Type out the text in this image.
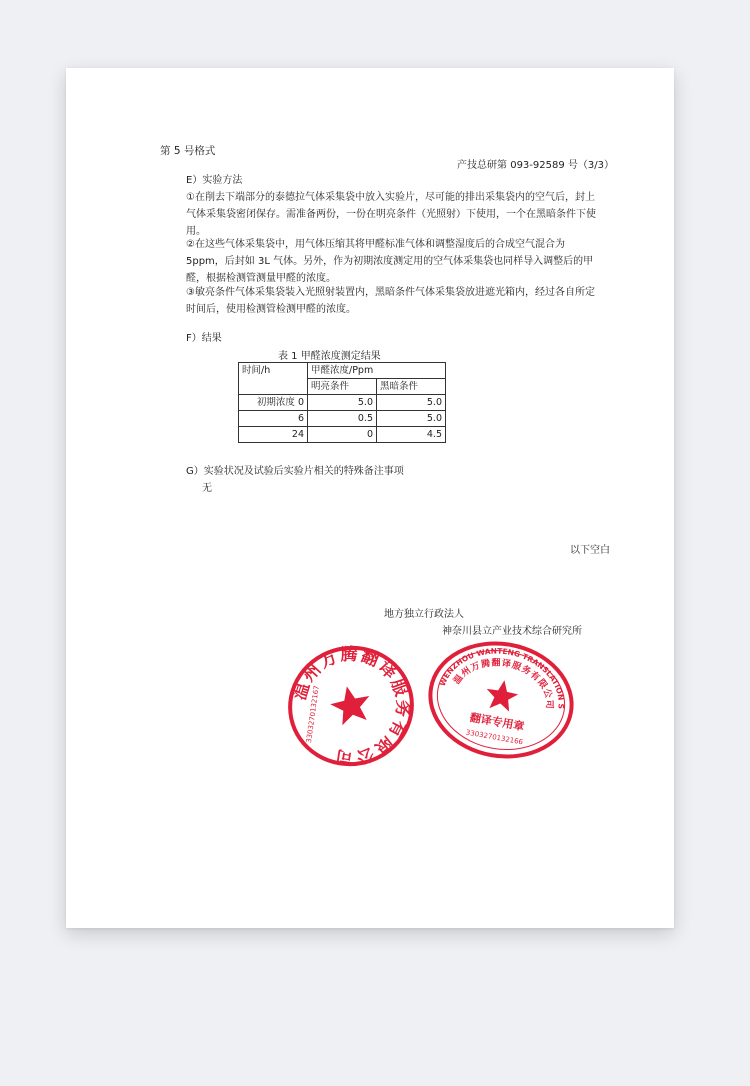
第 5 号格式
产技总研第 093-92589 号（3/3）
E）实验方法
①在削去下端部分的泰德拉气体采集袋中放入实验片，尽可能的排出采集袋内的空气后，封上气体采集袋密闭保存。需准备两份，一份在明亮条件（光照射）下使用，一个在黑暗条件下使用。
②在这些气体采集袋中，用气体压缩其将甲醛标准气体和调整湿度后的合成空气混合为 5ppm，后封如 3L 气体。另外，作为初期浓度测定用的空气体采集袋也同样导入调整后的甲醛，根据检测管测量甲醛的浓度。
③敏亮条件气体采集袋装入光照射装置内，黑暗条件气体采集袋放进遮光箱内，经过各自所定时间后，使用检测管检测甲醛的浓度。
F）结果
表 1 甲醛浓度测定结果
时间/h	甲醛浓度/Ppm	
	明亮条件	黑暗条件
初期浓度 0	5.0	5.0
6	0.5	5.0
24	0	4.5
G）实验状况及试验后实验片相关的特殊备注事项
无
以下空白
地方独立行政法人
神奈川县立产业技术综合研究所
温州万腾翻译服务有限公司
3303270132167
WENZHOU WANTENG TRANSLATION SERVICE
温州万腾翻译服务有限公司
翻译专用章
3303270132166
